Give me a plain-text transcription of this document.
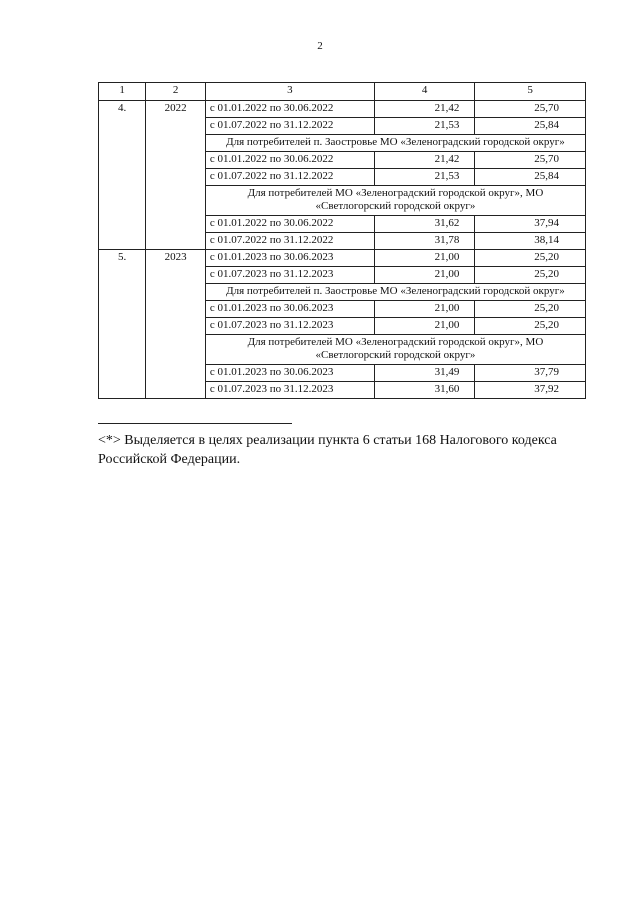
2
1	2	3	4	5
4.	2022	с 01.01.2022 по 30.06.2022	21,42	25,70
		с 01.07.2022 по 31.12.2022	21,53	25,84
		Для потребителей п. Заостровье МО «Зеленоградский городской округ»		
		с 01.01.2022 по 30.06.2022	21,42	25,70
		с 01.07.2022 по 31.12.2022	21,53	25,84
		Для потребителей МО «Зеленоградский городской округ», МО «Светлогорский городской округ»		
		с 01.01.2022 по 30.06.2022	31,62	37,94
		с 01.07.2022 по 31.12.2022	31,78	38,14
5.	2023	с 01.01.2023 по 30.06.2023	21,00	25,20
		с 01.07.2023 по 31.12.2023	21,00	25,20
		Для потребителей п. Заостровье МО «Зеленоградский городской округ»		
		с 01.01.2023 по 30.06.2023	21,00	25,20
		с 01.07.2023 по 31.12.2023	21,00	25,20
		Для потребителей МО «Зеленоградский городской округ», МО «Светлогорский городской округ»		
		с 01.01.2023 по 30.06.2023	31,49	37,79
		с 01.07.2023 по 31.12.2023	31,60	37,92
<*> Выделяется в целях реализации пункта 6 статьи 168 Налогового кодекса Российской Федерации.
